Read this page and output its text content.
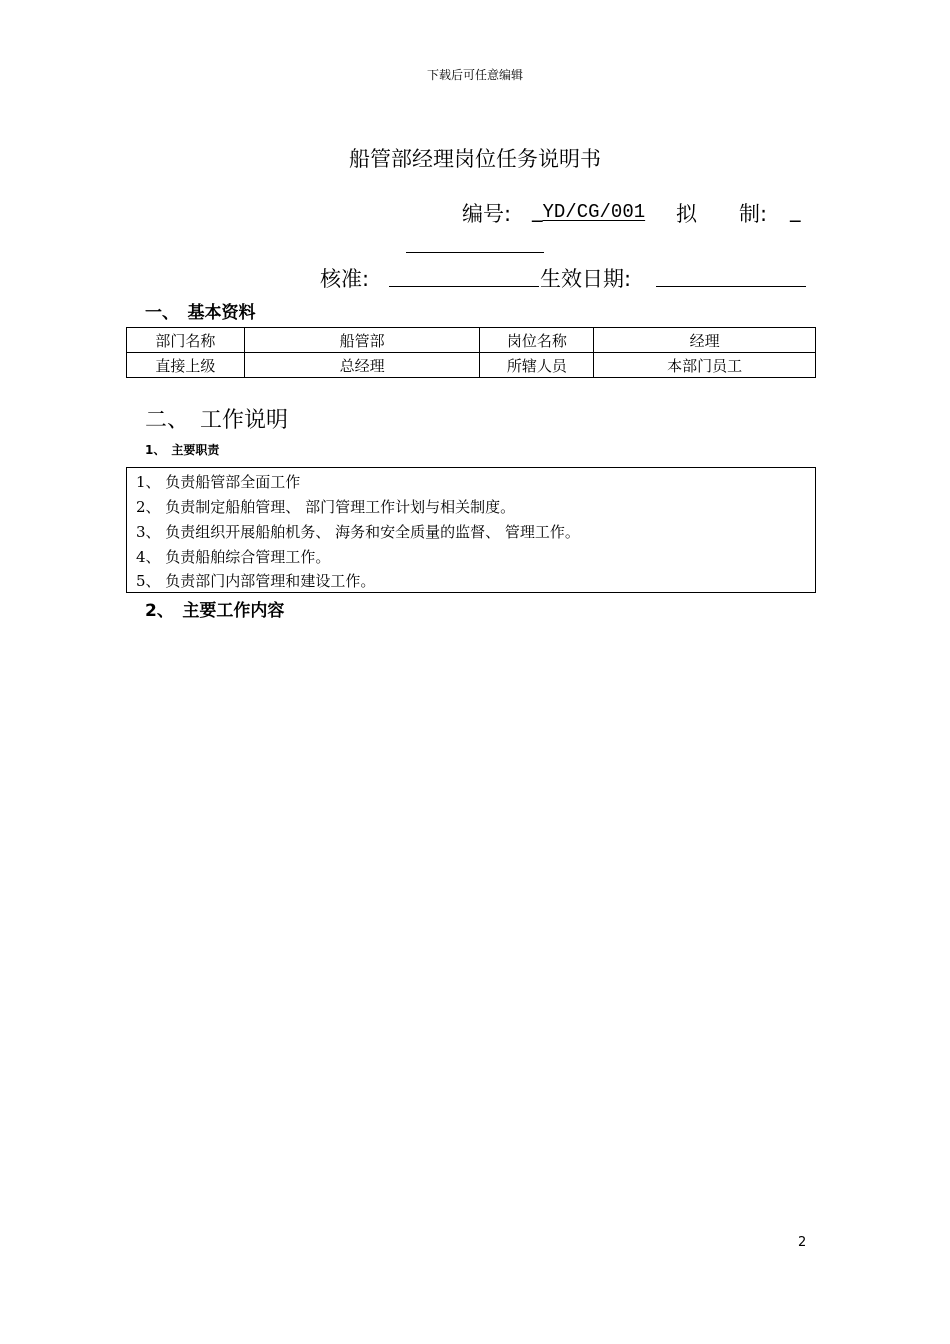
下载后可任意编辑
船管部经理岗位任务说明书
编号: _YD/CG/001 拟　　制: _
核准:	生效日期:
一、　基本资料
部门名称	船管部	岗位名称	经理
直接上级	总经理	所辖人员	本部门员工
二、　工作说明
1、　主要职责
1、 负责船管部全面工作
2、 负责制定船舶管理、 部门管理工作计划与相关制度。
3、 负责组织开展船舶机务、 海务和安全质量的监督、 管理工作。
4、 负责船舶综合管理工作。
5、 负责部门内部管理和建设工作。
2、　主要工作内容
2
